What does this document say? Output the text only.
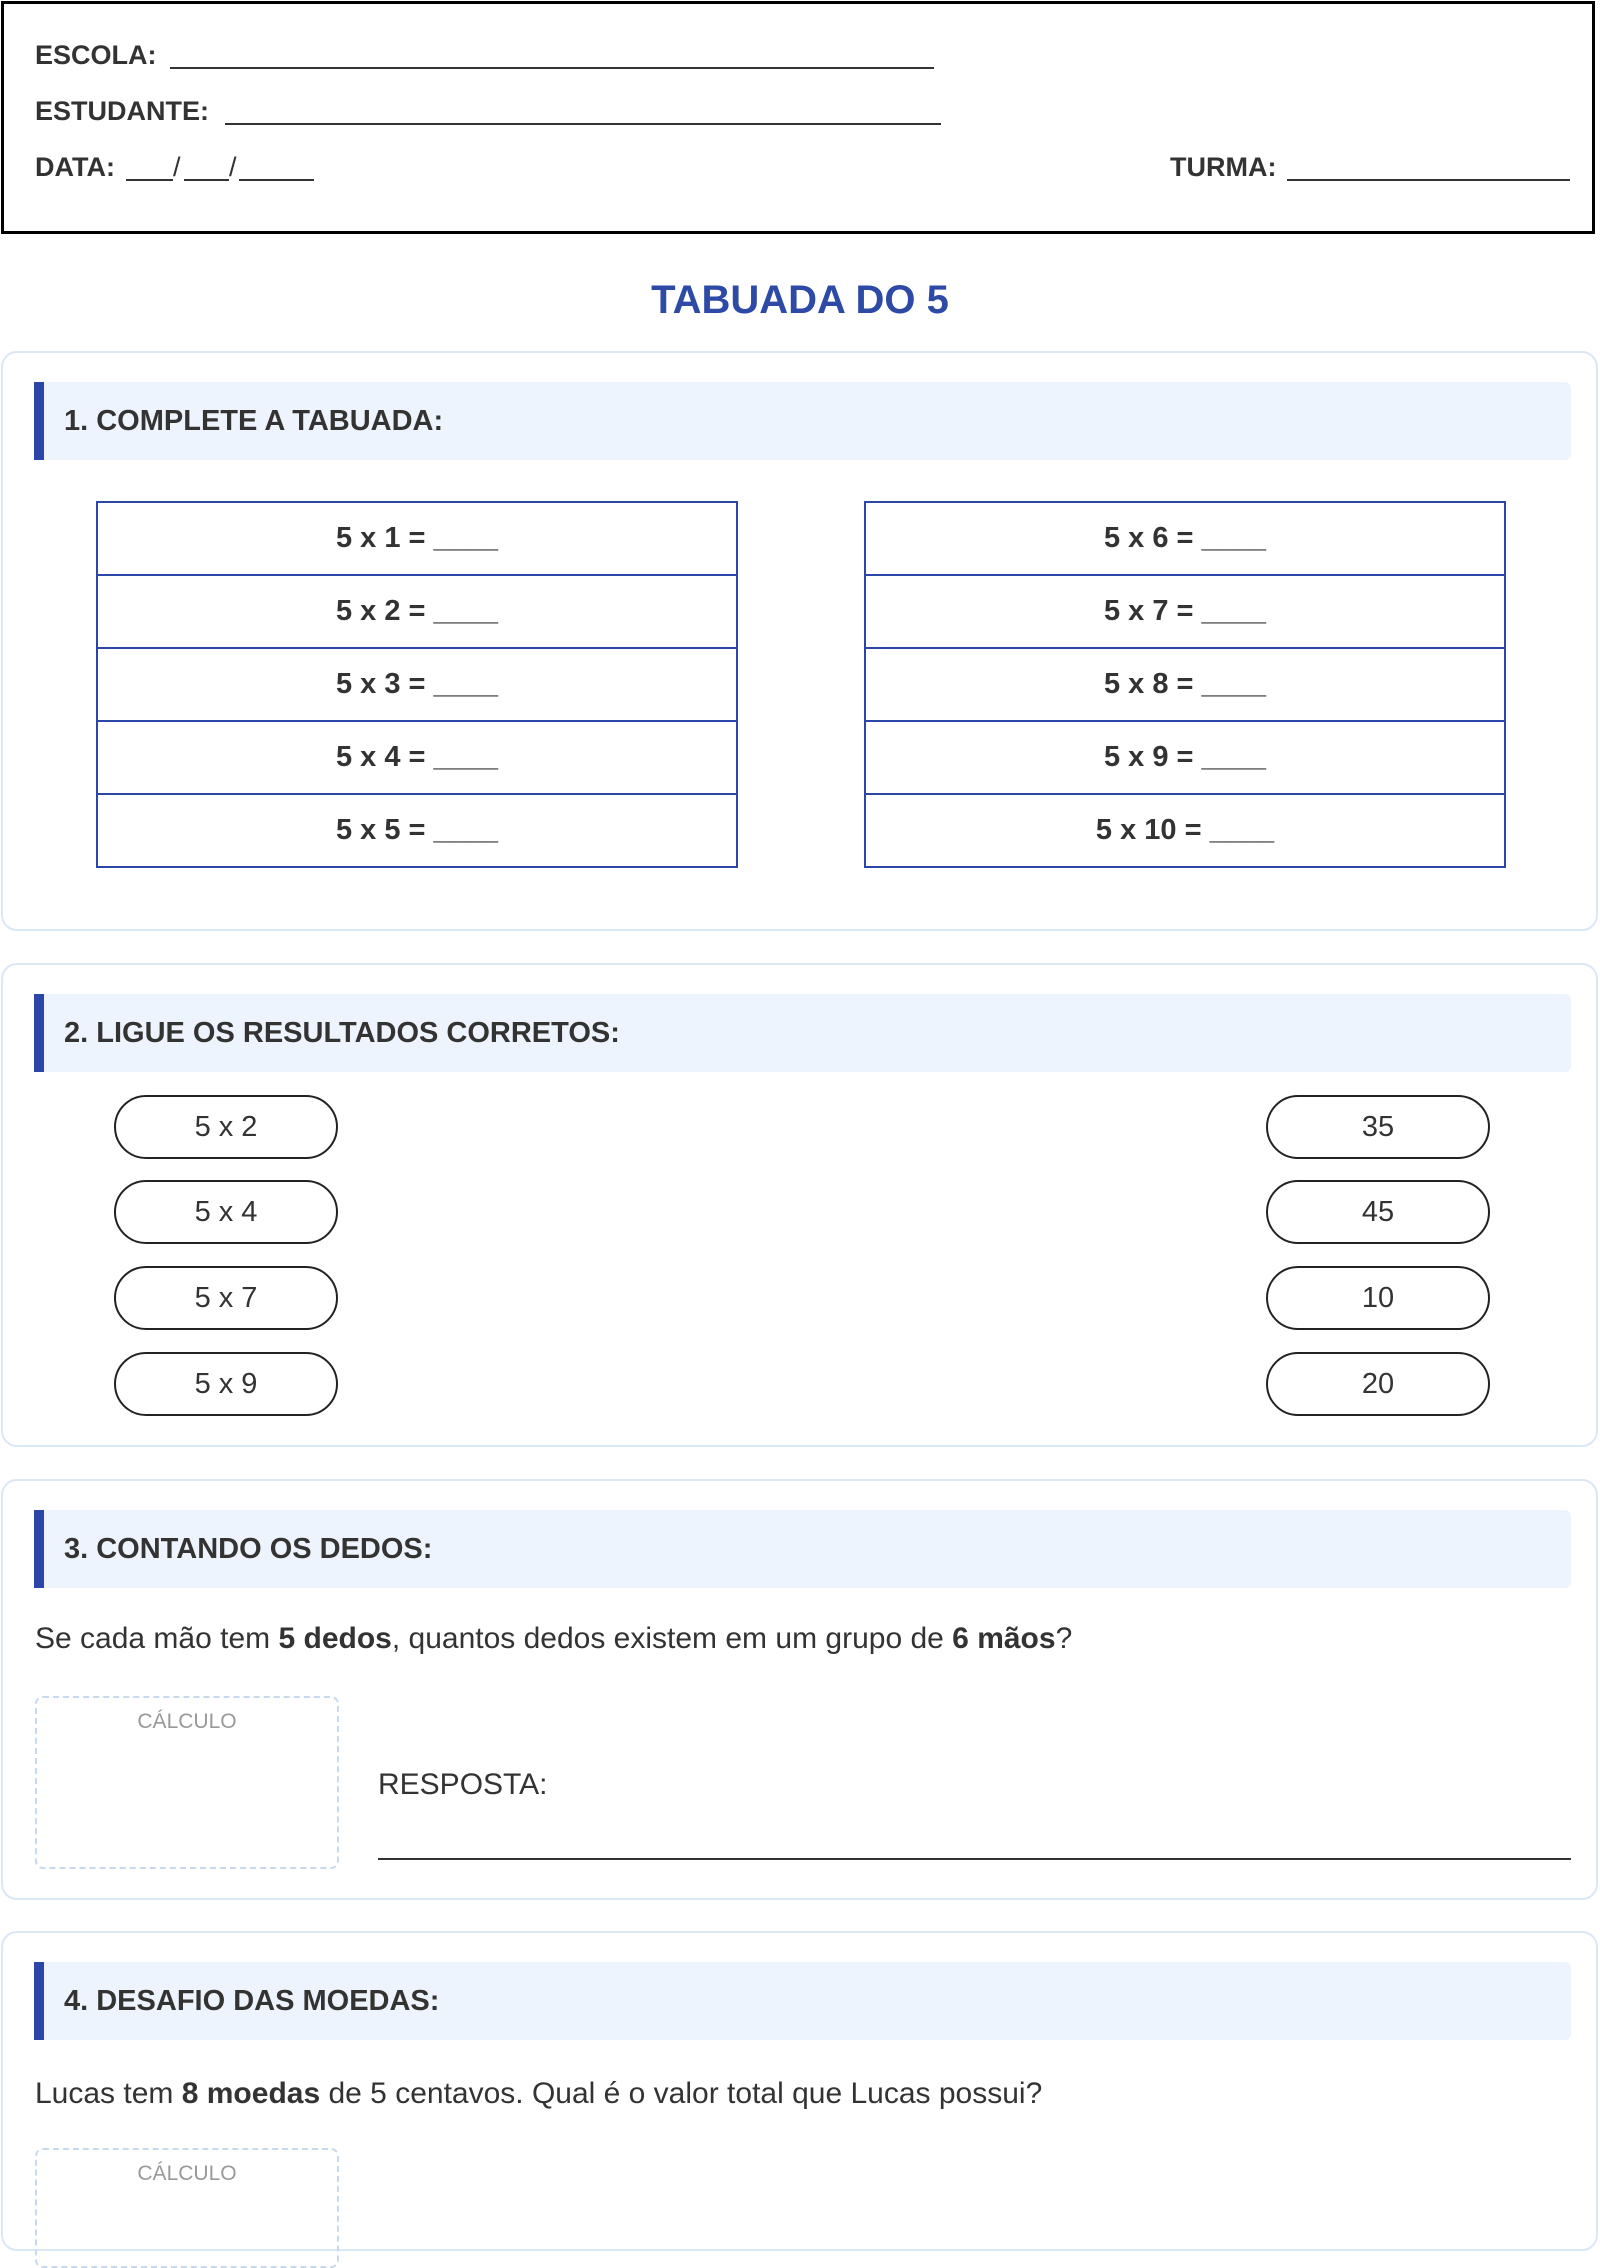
ESCOLA:
ESTUDANTE:
DATA: / /	TURMA:
TABUADA DO 5
1. COMPLETE A TABUADA:
5 x 1 = ____
5 x 2 = ____
5 x 3 = ____
5 x 4 = ____
5 x 5 = ____
5 x 6 = ____
5 x 7 = ____
5 x 8 = ____
5 x 9 = ____
5 x 10 = ____
2. LIGUE OS RESULTADOS CORRETOS:
5 x 2
5 x 4
5 x 7
5 x 9
35
45
10
20
3. CONTANDO OS DEDOS:
Se cada mão tem 5 dedos, quantos dedos existem em um grupo de 6 mãos?
CÁLCULO
RESPOSTA:
4. DESAFIO DAS MOEDAS:
Lucas tem 8 moedas de 5 centavos. Qual é o valor total que Lucas possui?
CÁLCULO
